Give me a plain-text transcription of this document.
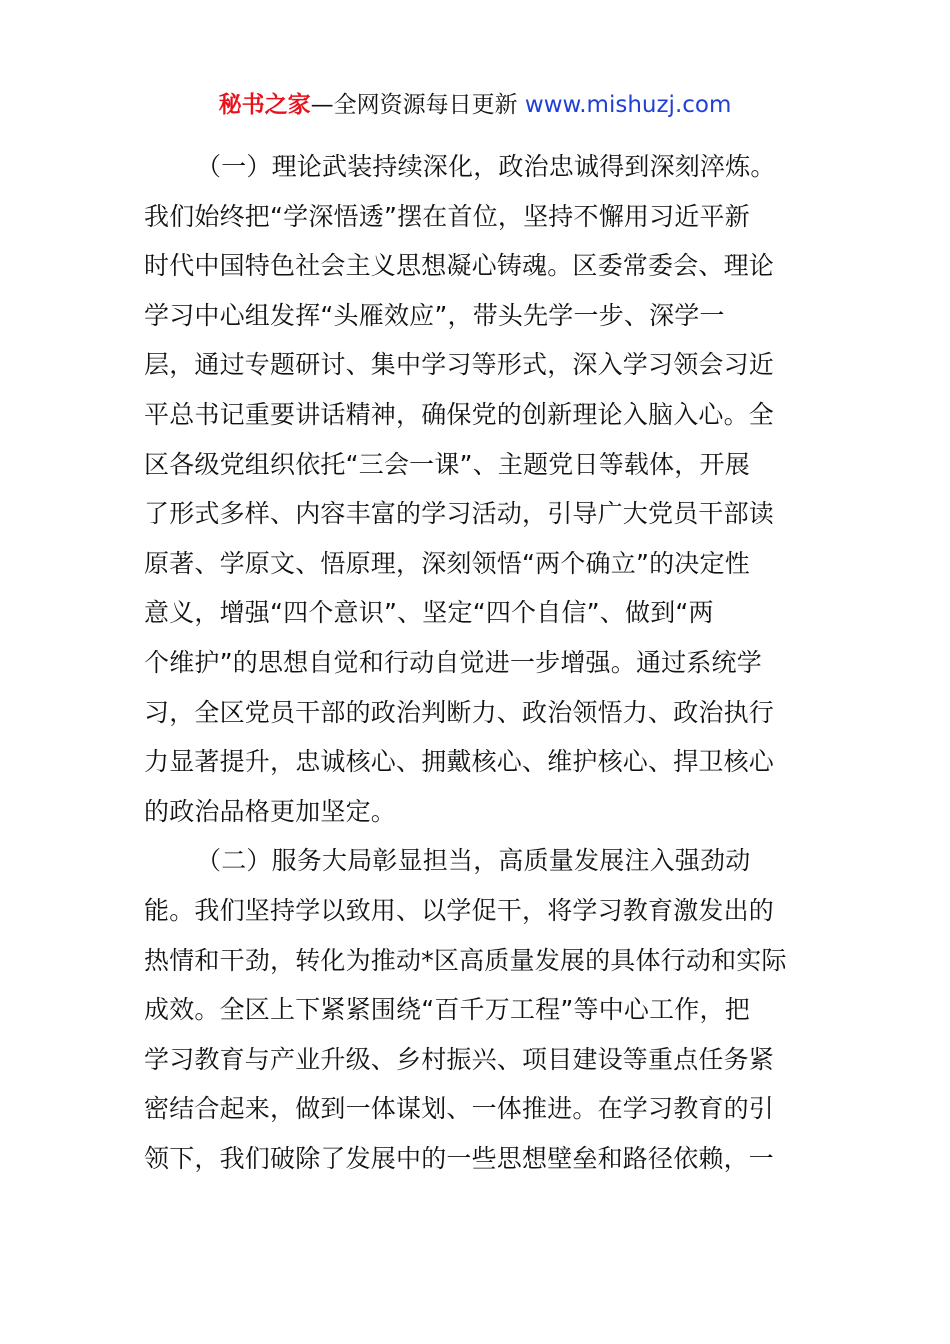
秘书之家—全网资源每日更新 www.mishuzj.com
（一）理论武装持续深化，政治忠诚得到深刻淬炼。
我们始终把“学深悟透”摆在首位，坚持不懈用习近平新
时代中国特色社会主义思想凝心铸魂。区委常委会、理论
学习中心组发挥“头雁效应”，带头先学一步、深学一
层，通过专题研讨、集中学习等形式，深入学习领会习近
平总书记重要讲话精神，确保党的创新理论入脑入心。全
区各级党组织依托“三会一课”、主题党日等载体，开展
了形式多样、内容丰富的学习活动，引导广大党员干部读
原著、学原文、悟原理，深刻领悟“两个确立”的决定性
意义，增强“四个意识”、坚定“四个自信”、做到“两
个维护”的思想自觉和行动自觉进一步增强。通过系统学
习，全区党员干部的政治判断力、政治领悟力、政治执行
力显著提升，忠诚核心、拥戴核心、维护核心、捍卫核心
的政治品格更加坚定。
（二）服务大局彰显担当，高质量发展注入强劲动
能。我们坚持学以致用、以学促干，将学习教育激发出的
热情和干劲，转化为推动*区高质量发展的具体行动和实际
成效。全区上下紧紧围绕“百千万工程”等中心工作，把
学习教育与产业升级、乡村振兴、项目建设等重点任务紧
密结合起来，做到一体谋划、一体推进。在学习教育的引
领下，我们破除了发展中的一些思想壁垒和路径依赖，一
